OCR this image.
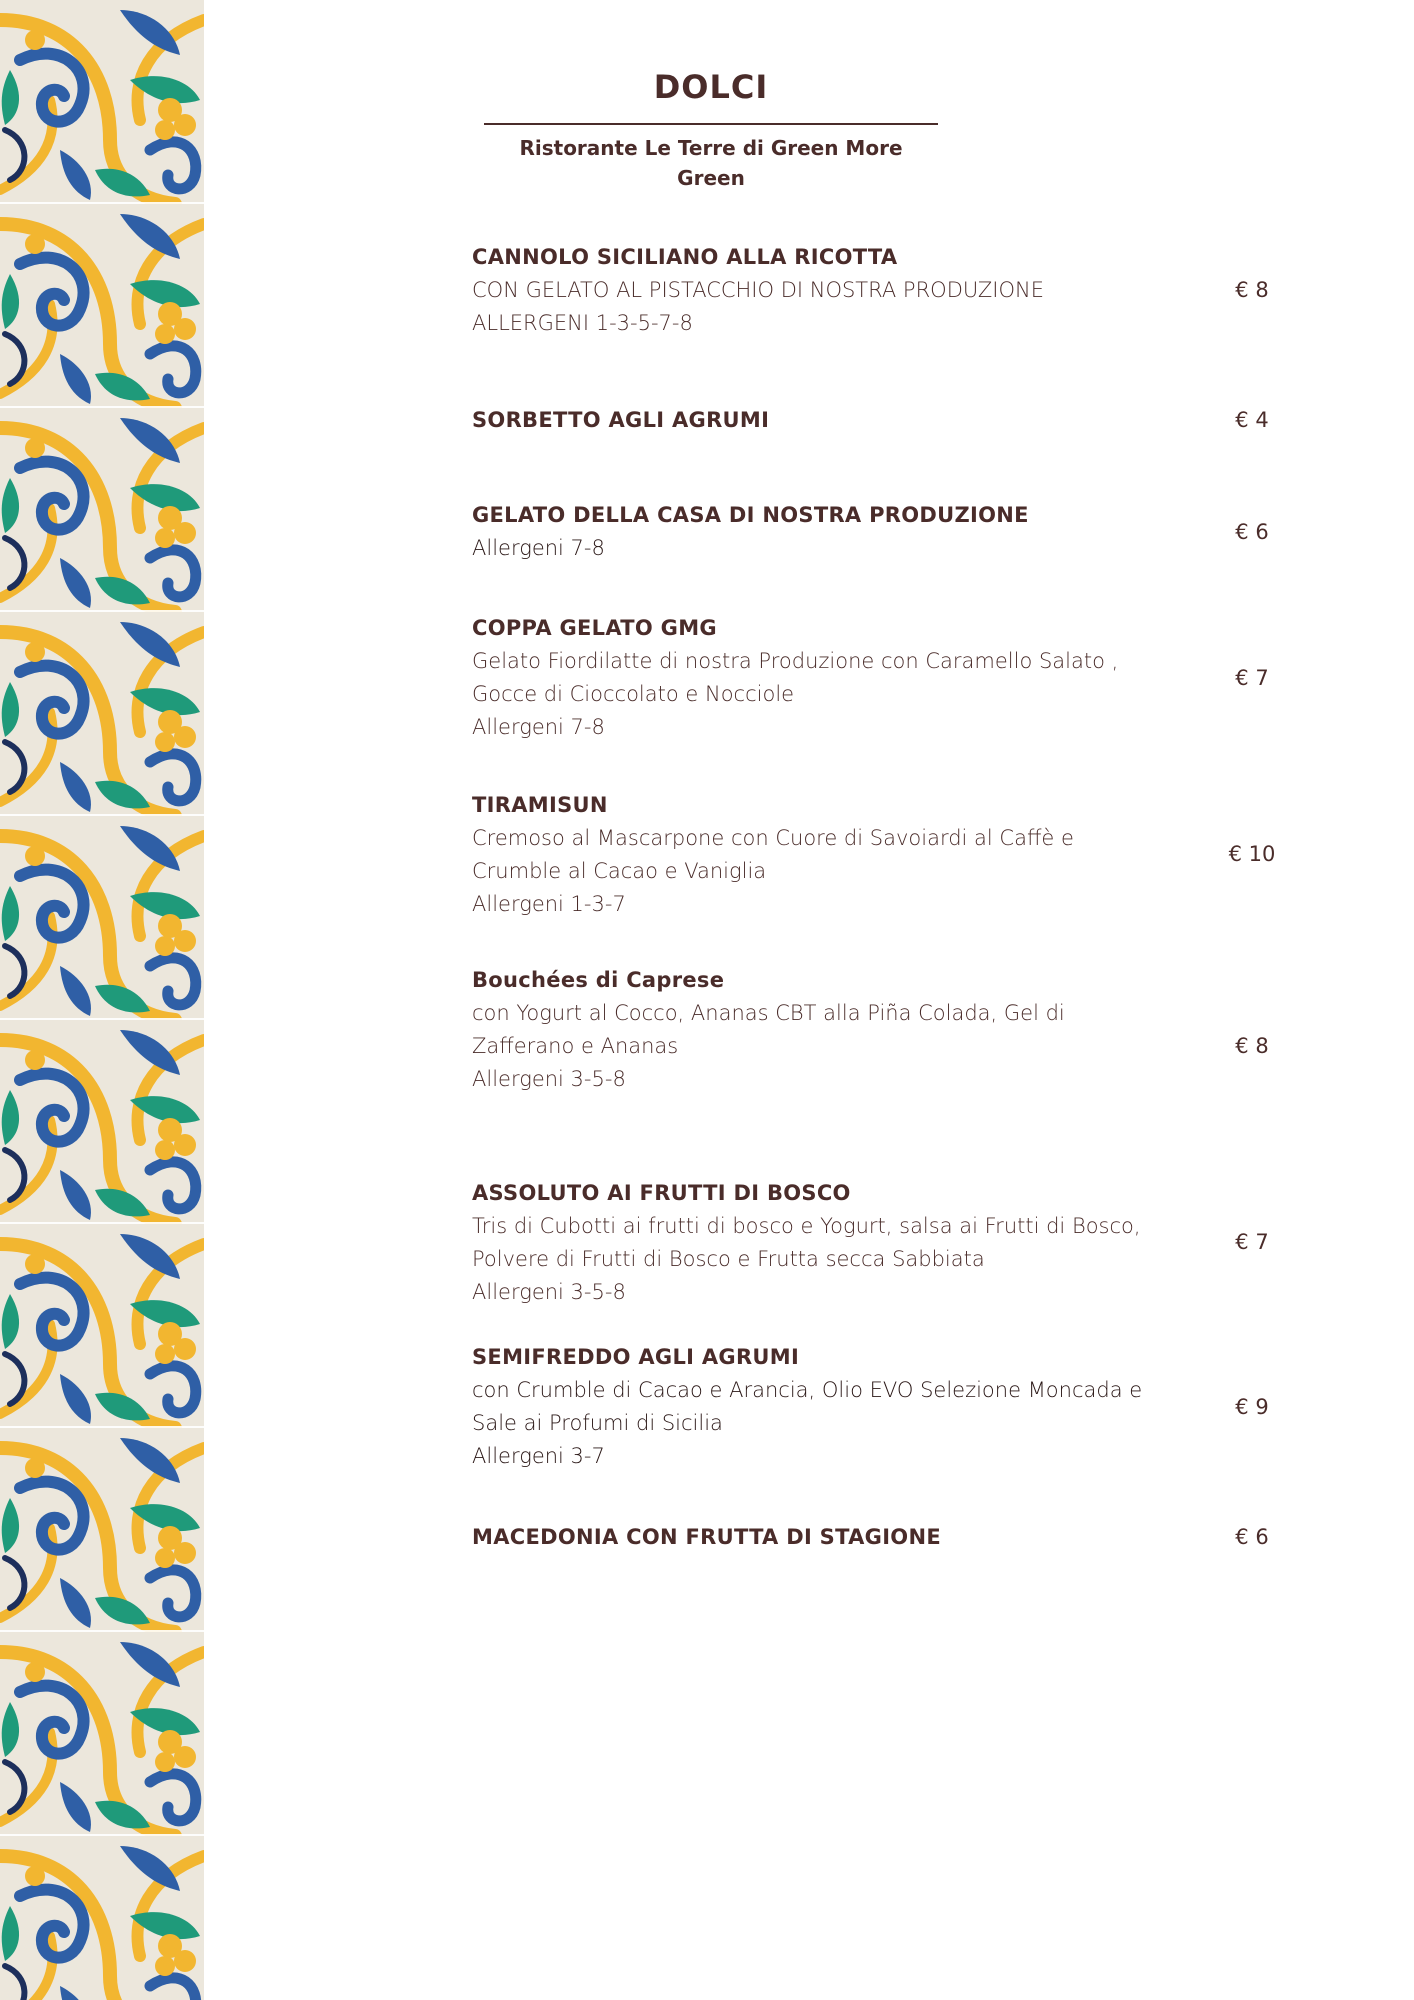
DOLCI
Ristorante Le Terre di Green More Green
CANNOLO SICILIANO ALLA RICOTTA
CON GELATO AL PISTACCHIO DI NOSTRA PRODUZIONE
ALLERGENI 1-3-5-7-8
€ 8
SORBETTO AGLI AGRUMI	€ 4
GELATO DELLA CASA DI NOSTRA PRODUZIONE
Allergeni 7-8
€ 6
COPPA GELATO GMG
Gelato Fiordilatte di nostra Produzione con Caramello Salato , Gocce di Cioccolato e Nocciole
Allergeni 7-8
€ 7
TIRAMISUN
Cremoso al Mascarpone con Cuore di Savoiardi al Caffè e Crumble al Cacao e Vaniglia
Allergeni 1-3-7
€ 10
Bouchées di Caprese
con Yogurt al Cocco, Ananas CBT alla Piña Colada, Gel di Zafferano e Ananas
Allergeni 3-5-8
€ 8
ASSOLUTO AI FRUTTI DI BOSCO
Tris di Cubotti ai frutti di bosco e Yogurt, salsa ai Frutti di Bosco, Polvere di Frutti di Bosco e Frutta secca Sabbiata
Allergeni 3-5-8
€ 7
SEMIFREDDO AGLI AGRUMI
con Crumble di Cacao e Arancia, Olio EVO Selezione Moncada e Sale ai Profumi di Sicilia
Allergeni 3-7
€ 9
MACEDONIA CON FRUTTA DI STAGIONE	€ 6
